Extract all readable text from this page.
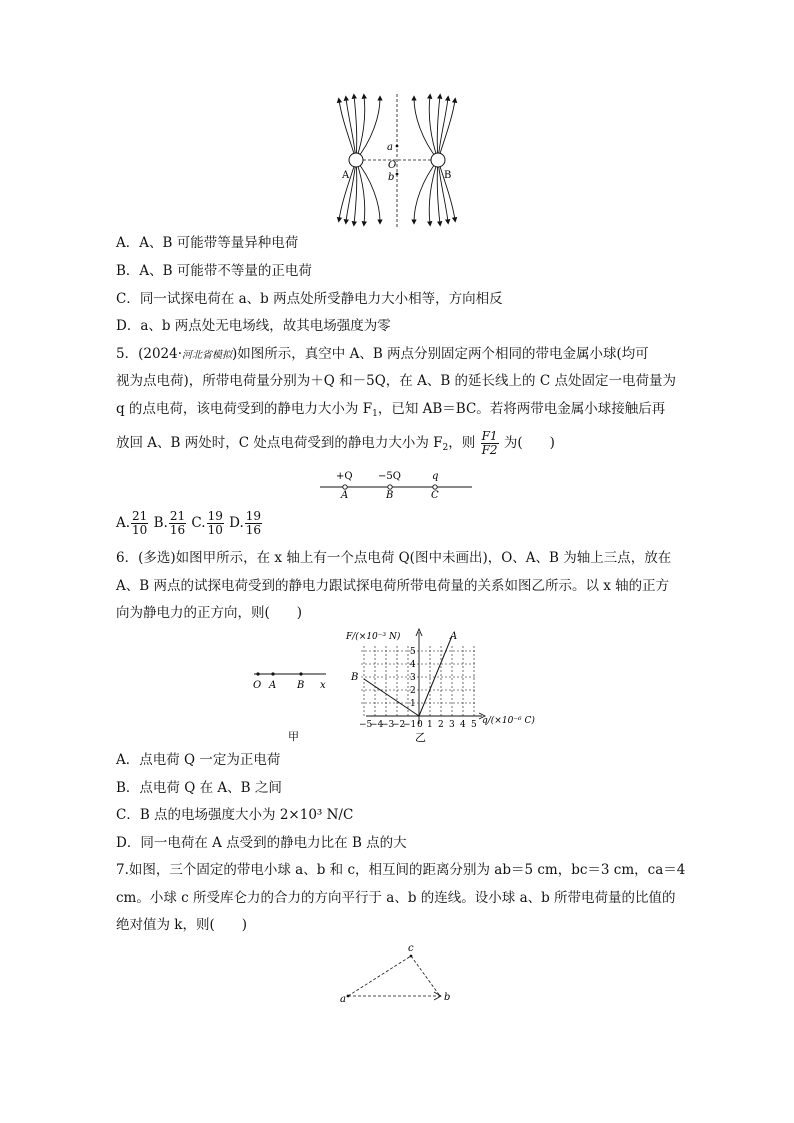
a
O
b
A	B
A．A、B 可能带等量异种电荷
B．A、B 可能带不等量的正电荷
C．同一试探电荷在 a、b 两点处所受静电力大小相等，方向相反
D．a、b 两点处无电场线，故其电场强度为零
5．(2024·河北省模拟)如图所示，真空中 A、B 两点分别固定两个相同的带电金属小球(均可
视为点电荷)，所带电荷量分别为＋Q 和－5Q，在 A、B 的延长线上的 C 点处固定一电荷量为
q 的点电荷，该电荷受到的静电力大小为 $F_1$，已知 AB＝BC。若将两带电金属小球接触后再
放回 A、B 两处时，C 处点电荷受到的静电力大小为 $F_2$，则 $\frac{F1}{F2}$ 为(　　)
+Q	−5Q	q
A	B	C
A. $\frac{21}{10} B$. $\frac{21}{16} C$. $\frac{19}{10} D$. $\frac{19}{16}$
6．(多选)如图甲所示，在 x 轴上有一个点电荷 Q(图中未画出)，O、A、B 为轴上三点，放在
A、B 两点的试探电荷受到的静电力跟试探电荷所带电荷量的关系如图乙所示。以 x 轴的正方
向为静电力的正方向，则(　　)
O A B x
甲
F/(×10⁻³ N)	A
B
1
2
3
4
5
−5
−4
−3
−2
−1 1 2 3 4 5
0	q/(×10⁻⁶ C)
乙
A．点电荷 Q 一定为正电荷
B．点电荷 Q 在 A、B 之间
C．B 点的电场强度大小为 2×10³ N/C
D．同一电荷在 A 点受到的静电力比在 B 点的大
7.如图，三个固定的带电小球 a、b 和 c，相互间的距离分别为 ab＝5 cm，bc＝3 cm，ca＝4
cm。小球 c 所受库仑力的合力的方向平行于 a、b 的连线。设小球 a、b 所带电荷量的比值的
绝对值为 k，则(　　)
a	b
c
